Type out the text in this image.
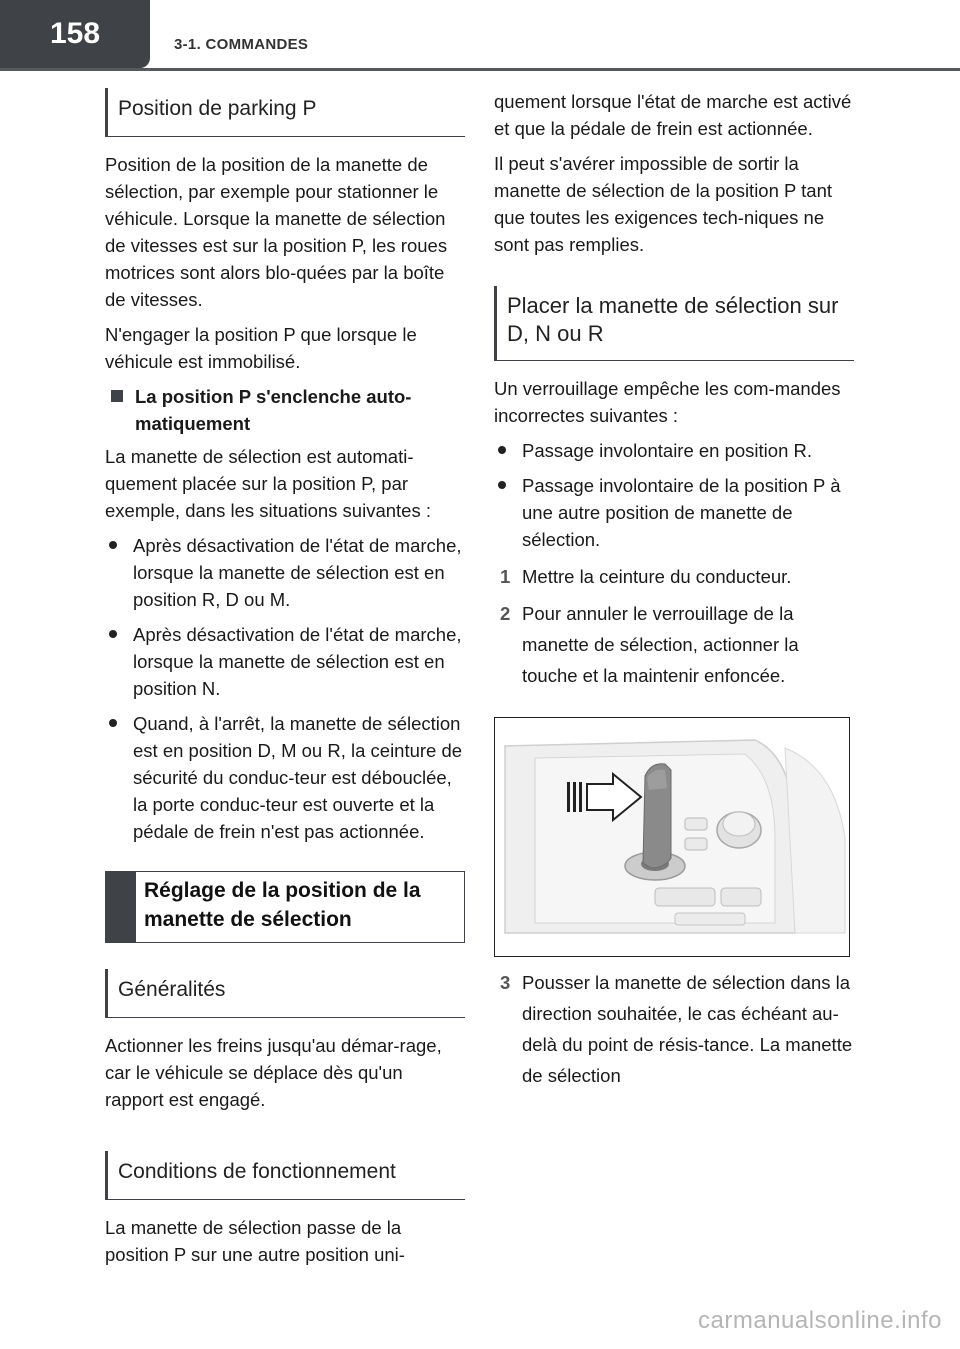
158	3-1. COMMANDES
Position de parking P

Position de la position de la manette de sélection, par exemple pour stationner le véhicule. Lorsque la manette de sélection de vitesses est sur la position P, les roues motrices sont alors blo-quées par la boîte de vitesses.

N'engager la position P que lorsque le véhicule est immobilisé.

La position P s'enclenche auto-matiquement

La manette de sélection est automati-quement placée sur la position P, par exemple, dans les situations suivantes :

Après désactivation de l'état de marche, lorsque la manette de sélection est en position R, D ou M.
Après désactivation de l'état de marche, lorsque la manette de sélection est en position N.
Quand, à l'arrêt, la manette de sélection est en position D, M ou R, la ceinture de sécurité du conduc-teur est débouclée, la porte conduc-teur est ouverte et la pédale de frein n'est pas actionnée.
Réglage de la position de la manette de sélection
Généralités

Actionner les freins jusqu'au démar-rage, car le véhicule se déplace dès qu'un rapport est engagé.

Conditions de fonctionnement

La manette de sélection passe de la position P sur une autre position uni-

quement lorsque l'état de marche est activé et que la pédale de frein est actionnée.

Il peut s'avérer impossible de sortir la manette de sélection de la position P tant que toutes les exigences tech-niques ne sont pas remplies.

Placer la manette de sélection sur D, N ou R

Un verrouillage empêche les com-mandes incorrectes suivantes :

Passage involontaire en position R.
Passage involontaire de la position P à une autre position de manette de sélection.
1 Mettre la ceinture du conducteur.
2 Pour annuler le verrouillage de la manette de sélection, actionner la touche et la maintenir enfoncée.
3 Pousser la manette de sélection dans la direction souhaitée, le cas échéant au-delà du point de résis-tance. La manette de sélection
carmanualsonline.info
